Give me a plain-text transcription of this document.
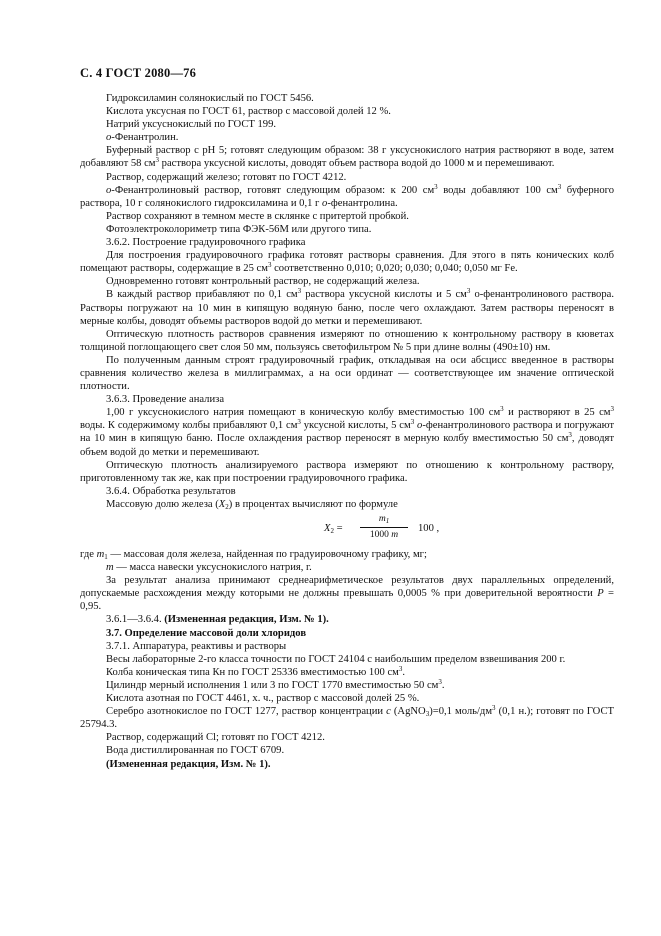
С. 4 ГОСТ 2080—76

Гидроксиламин солянокислый по ГОСТ 5456.

Кислота уксусная по ГОСТ 61, раствор с массовой долей 12 %.

Натрий уксуснокислый по ГОСТ 199.

о-Фенантролин.

Буферный раствор с pH 5; готовят следующим образом: 38 г уксуснокислого натрия растворяют в воде, затем добавляют 58 $см^3$ раствора уксусной кислоты, доводят объем раствора водой до 1000 м и перемешивают.

Раствор, содержащий железо; готовят по ГОСТ 4212.

о-Фенантролиновый раствор, готовят следующим образом: к 200 $см^3$ воды добавляют 100 $см^3$ буферного раствора, 10 г солянокислого гидроксиламина и 0,1 г о-фенантролина.

Раствор сохраняют в темном месте в склянке с притертой пробкой.

Фотоэлектроколориметр типа ФЭК-56М или другого типа.

3.6.2. Построение градуировочного графика

Для построения градуировочного графика готовят растворы сравнения. Для этого в пять конических колб помещают растворы, содержащие в 25 $см^3$ соответственно 0,010; 0,020; 0,030; 0,040; 0,050 мг Fe.

Одновременно готовят контрольный раствор, не содержащий железа.

В каждый раствор прибавляют по 0,1 $см^3$ раствора уксусной кислоты и 5 $см^3$ о-фенантролинового раствора. Растворы погружают на 10 мин в кипящую водяную баню, после чего охлаждают. Затем растворы переносят в мерные колбы, доводят объемы растворов водой до метки и перемешивают.

Оптическую плотность растворов сравнения измеряют по отношению к контрольному раствору в кюветах толщиной поглощающего свет слоя 50 мм, пользуясь светофильтром № 5 при длине волны (490±10) нм.

По полученным данным строят градуировочный график, откладывая на оси абсцисс введенное в растворы сравнения количество железа в миллиграммах, а на оси ординат — соответствующее им значение оптической плотности.

3.6.3. Проведение анализа

1,00 г уксуснокислого натрия помещают в коническую колбу вместимостью 100 $см^3$ и растворяют в 25 $см^3$ воды. К содержимому колбы прибавляют 0,1 $см^3$ уксусной кислоты, 5 $см^3$ о-фенантролинового раствора и погружают на 10 мин в кипящую баню. После охлаждения раствор переносят в мерную колбу вместимостью 50 $см^3$, доводят объем водой до метки и перемешивают.

Оптическую плотность анализируемого раствора измеряют по отношению к контрольному раствору, приготовленному так же, как при построении градуировочного графика.

3.6.4. Обработка результатов

Массовую долю железа $(X_2)$ в процентах вычисляют по формуле

$X_2 = \frac{m_1}{1000 m} 100$ ,

где $m_1$ — массовая доля железа, найденная по градуировочному графику, мг;

m — масса навески уксуснокислого натрия, г.

За результат анализа принимают среднеарифметическое результатов двух параллельных определений, допускаемые расхождения между которыми не должны превышать 0,0005 % при доверительной вероятности P = 0,95.

3.6.1—3.6.4. (Измененная редакция, Изм. № 1).

3.7. Определение массовой доли хлоридов

3.7.1. Аппаратура, реактивы и растворы

Весы лабораторные 2-го класса точности по ГОСТ 24104 с наибольшим пределом взвешивания 200 г.

Колба коническая типа Кн по ГОСТ 25336 вместимостью 100 $см^3$.

Цилиндр мерный исполнения 1 или 3 по ГОСТ 1770 вместимостью 50 $см^3$.

Кислота азотная по ГОСТ 4461, х. ч., раствор с массовой долей 25 %.

Серебро азотнокислое по ГОСТ 1277, раствор концентрации c (AgNO$_3$)=0,1 моль/$дм^3$ (0,1 н.); готовят по ГОСТ 25794.3.

Раствор, содержащий Cl; готовят по ГОСТ 4212.

Вода дистиллированная по ГОСТ 6709.

(Измененная редакция, Изм. № 1).
